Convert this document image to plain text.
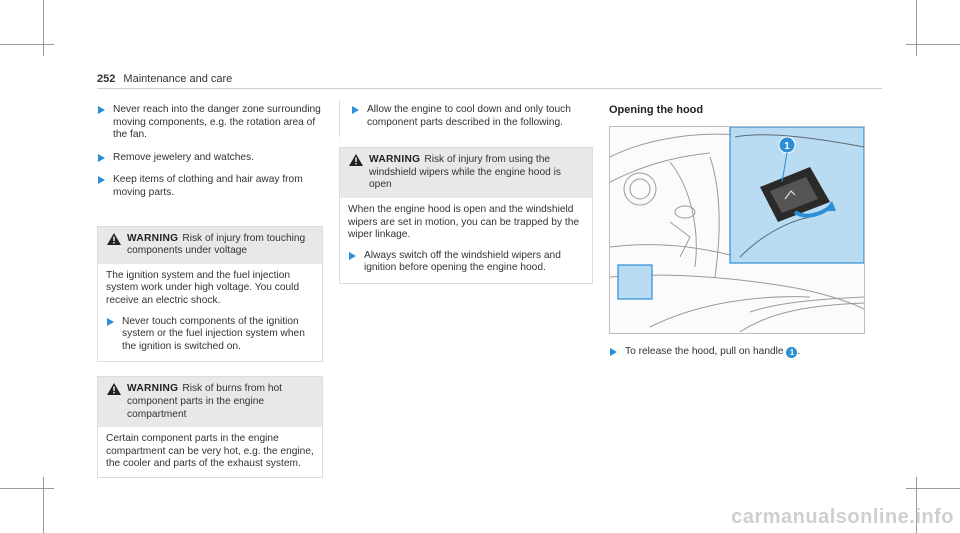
252 Maintenance and care
Never reach into the danger zone surrounding moving components, e.g. the rotation area of the fan.
Remove jewelery and watches.
Keep items of clothing and hair away from moving parts.
WARNING Risk of injury from touching components under voltage

The ignition system and the fuel injection system work under high voltage. You could receive an electric shock.

Never touch components of the ignition system or the fuel injection system when the ignition is switched on.
WARNING Risk of burns from hot component parts in the engine compartment

Certain component parts in the engine compartment can be very hot, e.g. the engine, the cooler and parts of the exhaust system.

Allow the engine to cool down and only touch component parts described in the following.
WARNING Risk of injury from using the windshield wipers while the engine hood is open

When the engine hood is open and the windshield wipers are set in motion, you can be trapped by the wiper linkage.

Always switch off the windshield wipers and ignition before opening the engine hood.
Opening the hood
1
To release the hood, pull on handle 1 .
carmanualsonline.info
